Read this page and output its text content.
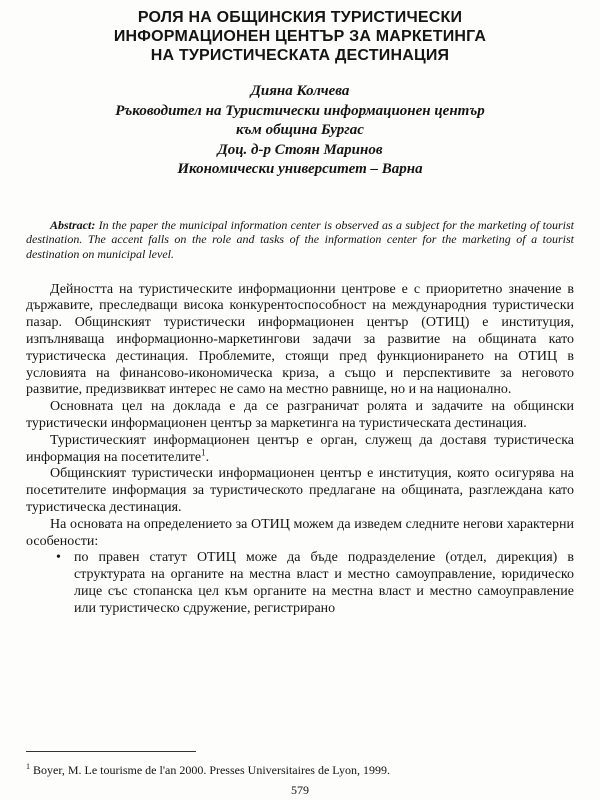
РОЛЯ НА ОБЩИНСКИЯ ТУРИСТИЧЕСКИ
ИНФОРМАЦИОНЕН ЦЕНТЪР ЗА МАРКЕТИНГА
НА ТУРИСТИЧЕСКАТА ДЕСТИНАЦИЯ
Дияна Колчева
Ръководител на Туристически информационен център
към община Бургас
Доц. д-р Стоян Маринов
Икономически университет – Варна

Abstract: In the paper the municipal information center is observed as a subject for the marketing of tourist destination. The accent falls on the role and tasks of the information center for the marketing of a tourist destination on municipal level.

Дейността на туристическите информационни центрове е с приоритетно значение в държавите, преследващи висока конкурентоспособност на международния туристически пазар. Общинският туристически информационен център (ОТИЦ) е институция, изпълняваща информационно-маркетингови задачи за развитие на общината като туристическа дестинация. Проблемите, стоящи пред функционирането на ОТИЦ в условията на финансово-икономическа криза, а също и перспективите за неговото развитие, предизвикват интерес не само на местно равнище, но и на национално.

Основната цел на доклада е да се разграничат ролята и задачите на общински туристически информационен център за маркетинга на туристическата дестинация.

Туристическият информационен център е орган, служещ да доставя туристическа информация на посетителите$^1$.

Общинският туристически информационен център е институция, която осигурява на посетителите информация за туристическото предлагане на общината, разглеждана като туристическа дестинация.

На основата на определението за ОТИЦ можем да изведем следните негови характерни особености:

• по правен статут ОТИЦ може да бъде подразделение (отдел, дирекция) в структурата на органите на местна власт и местно самоуправление, юридическо лице със стопанска цел към органите на местна власт и местно самоуправление или туристическо сдружение, регистрирано
$^1$ Boyer, M. Le tourisme de l'an 2000. Presses Universitaires de Lyon, 1999.
579
